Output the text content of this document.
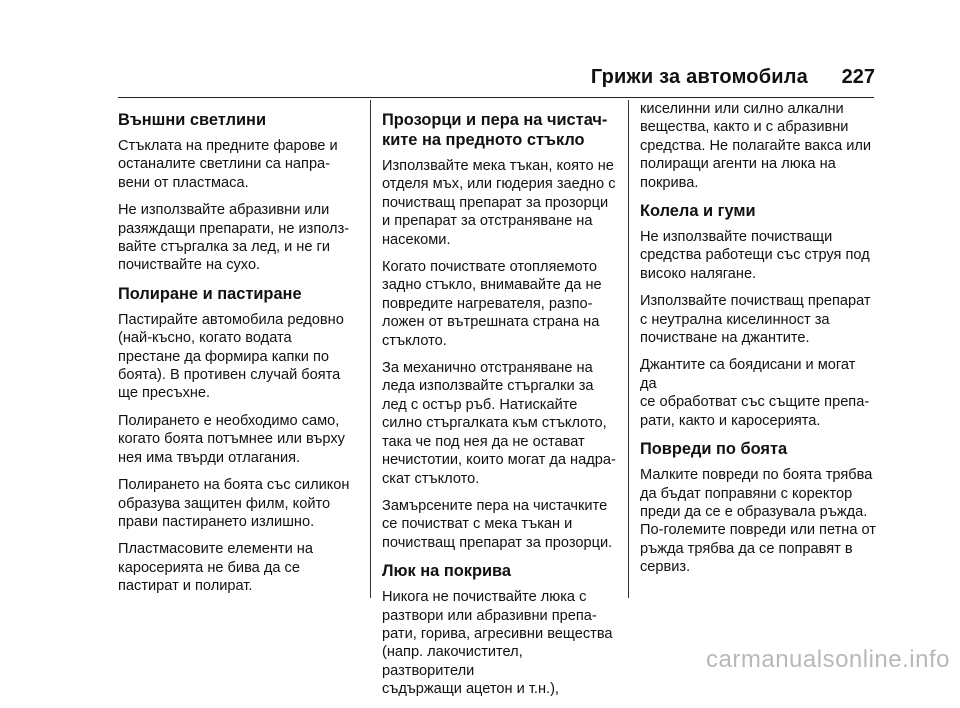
Грижи за автомобила 227
Външни светлини

Стъклата на предните фарове и
останалите светлини са напра‐
вени от пластмаса.

Не използвайте абразивни или
разяждащи препарати, не използ‐
вайте стъргалка за лед, и не ги
почиствайте на сухо.

Полиране и пастиране

Пастирайте автомобила редовно
(най-късно, когато водата
престане да формира капки по
боята). В противен случай боята
ще пресъхне.

Полирането е необходимо само,
когато боята потъмнее или върху
нея има твърди отлагания.

Полирането на боята със силикон
образува защитен филм, който
прави пастирането излишно.

Пластмасовите елементи на
каросерията не бива да се
пастират и полират.

Прозорци и пера на чистач‐
ките на предното стъкло

Използвайте мека тъкан, която не
отделя мъх, или гюдерия заедно с
почистващ препарат за прозорци
и препарат за отстраняване на
насекоми.

Когато почиствате отопляемото
задно стъкло, внимавайте да не
повредите нагревателя, разпо‐
ложен от вътрешната страна на
стъклото.

За механично отстраняване на
леда използвайте стъргалки за
лед с остър ръб. Натискайте
силно стъргалката към стъклото,
така че под нея да не остават
нечистотии, които могат да надра‐
скат стъклото.

Замърсените пера на чистачките
се почистват с мека тъкан и
почистващ препарат за прозорци.

Люк на покрива

Никога не почиствайте люка с
разтвори или абразивни препа‐
рати, горива, агресивни вещества
(напр. лакочистител, разтворители
съдържащи ацетон и т.н.),

киселинни или силно алкални
вещества, както и с абразивни
средства. Не полагайте вакса или
полиращи агенти на люка на
покрива.

Колела и гуми

Не използвайте почистващи
средства работещи със струя под
високо налягане.

Използвайте почистващ препарат
с неутрална киселинност за
почистване на джантите.

Джантите са боядисани и могат да
се обработват със същите препа‐
рати, както и каросерията.

Повреди по боята

Малките повреди по боята трябва
да бъдат поправяни с коректор
преди да се е образувала ръжда.
По-големите повреди или петна от
ръжда трябва да се поправят в
сервиз.

carmanualsonline.info
